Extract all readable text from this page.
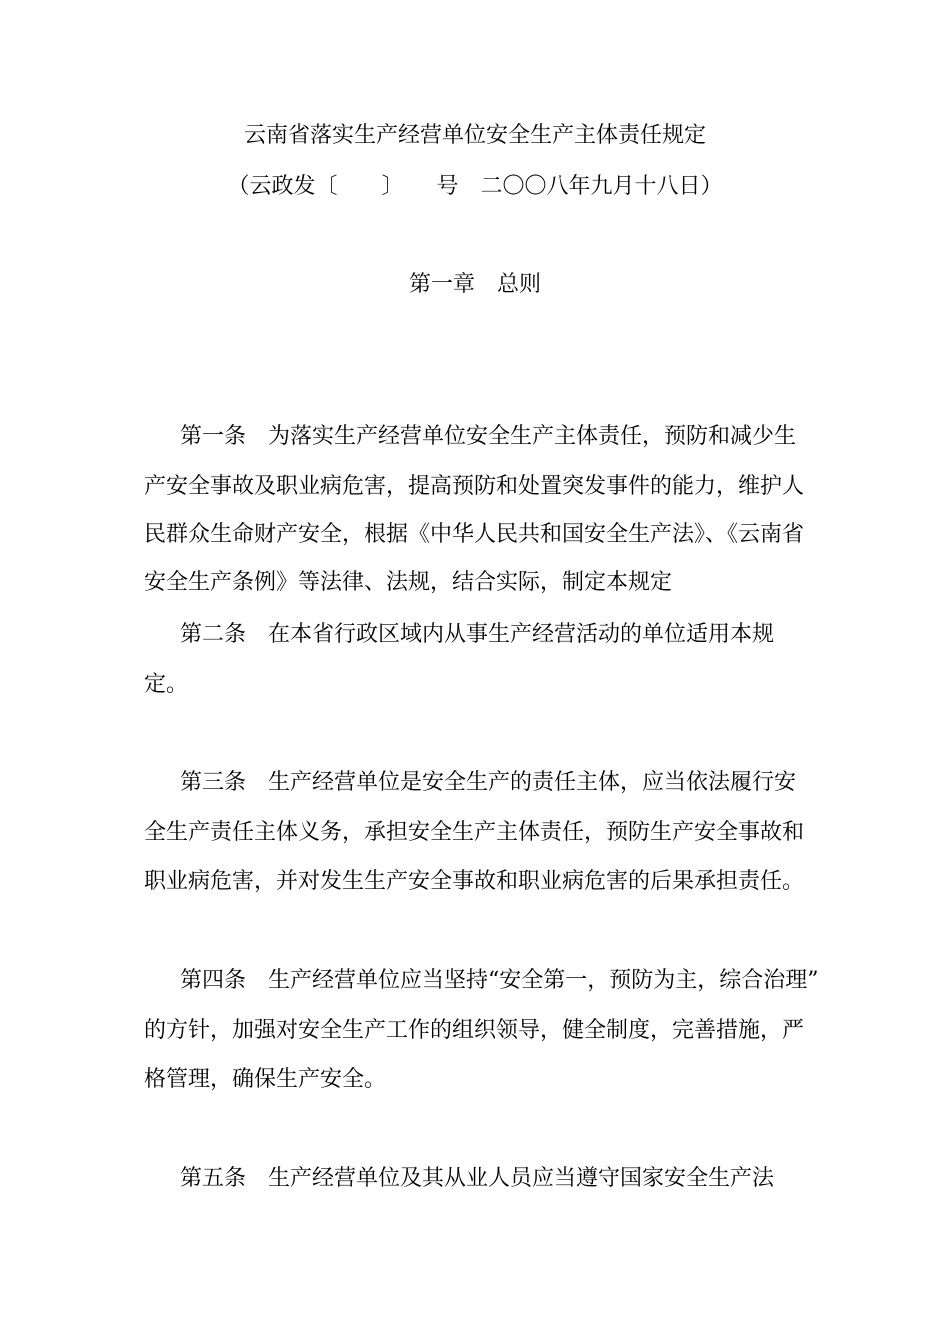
云南省落实生产经营单位安全生产主体责任规定
（云政发〔　　〕　　号　二〇〇八年九月十八日）
第一章　总则
第一条　为落实生产经营单位安全生产主体责任，预防和减少生
产安全事故及职业病危害，提高预防和处置突发事件的能力，维护人
民群众生命财产安全，根据《中华人民共和国安全生产法》、《云南省
安全生产条例》等法律、法规，结合实际，制定本规定
第二条　在本省行政区域内从事生产经营活动的单位适用本规
定。
第三条　生产经营单位是安全生产的责任主体，应当依法履行安
全生产责任主体义务，承担安全生产主体责任，预防生产安全事故和
职业病危害，并对发生生产安全事故和职业病危害的后果承担责任。
第四条　生产经营单位应当坚持“安全第一，预防为主，综合治理”
的方针，加强对安全生产工作的组织领导，健全制度，完善措施，严
格管理，确保生产安全。
第五条　生产经营单位及其从业人员应当遵守国家安全生产法
